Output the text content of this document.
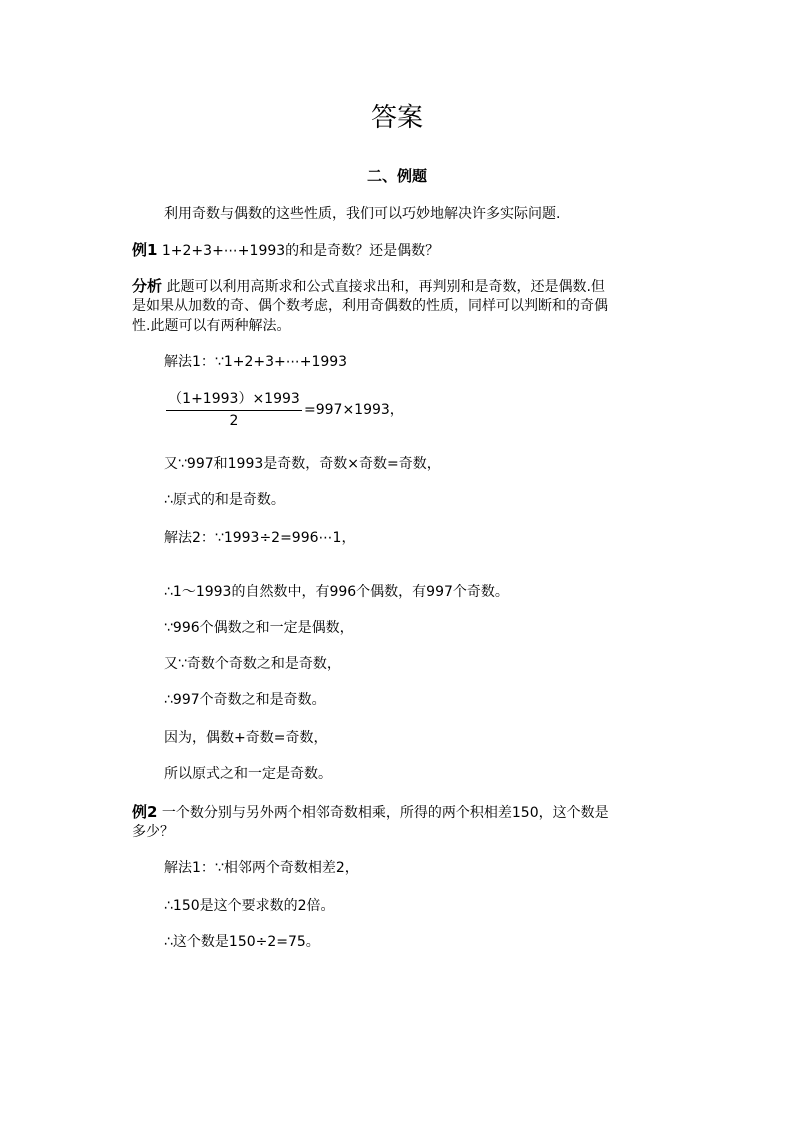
答案
二、例题
利用奇数与偶数的这些性质，我们可以巧妙地解决许多实际问题.
例1 1+2+3+⋯+1993的和是奇数？还是偶数？
分析 此题可以利用高斯求和公式直接求出和，再判别和是奇数，还是偶数.但
是如果从加数的奇、偶个数考虑，利用奇偶数的性质，同样可以判断和的奇偶
性.此题可以有两种解法。
解法1：∵1+2+3+⋯+1993
（1+1993）×1993
2
=997×1993，
又∵997和1993是奇数，奇数×奇数=奇数，
∴原式的和是奇数。
解法2：∵1993÷2=996⋯1，
∴1～1993的自然数中，有996个偶数，有997个奇数。
∵996个偶数之和一定是偶数，
又∵奇数个奇数之和是奇数，
∴997个奇数之和是奇数。
因为，偶数+奇数=奇数，
所以原式之和一定是奇数。
例2 一个数分别与另外两个相邻奇数相乘，所得的两个积相差150，这个数是
多少？
解法1：∵相邻两个奇数相差2，
∴150是这个要求数的2倍。
∴这个数是150÷2=75。
